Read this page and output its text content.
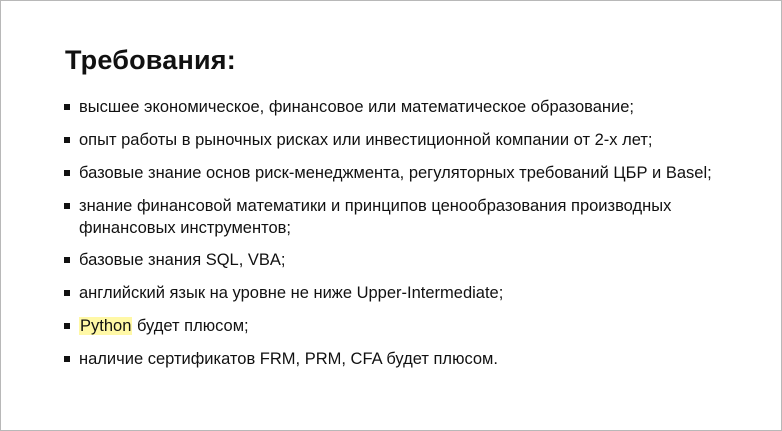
Требования:
высшее экономическое, финансовое или математическое образование;
опыт работы в рыночных рисках или инвестиционной компании от 2-х лет;
базовые знание основ риск-менеджмента, регуляторных требований ЦБР и Basel;
знание финансовой математики и принципов ценообразования производных финансовых инструментов;
базовые знания SQL, VBA;
английский язык на уровне не ниже Upper-Intermediate;
Python будет плюсом;
наличие сертификатов FRM, PRM, CFA будет плюсом.
